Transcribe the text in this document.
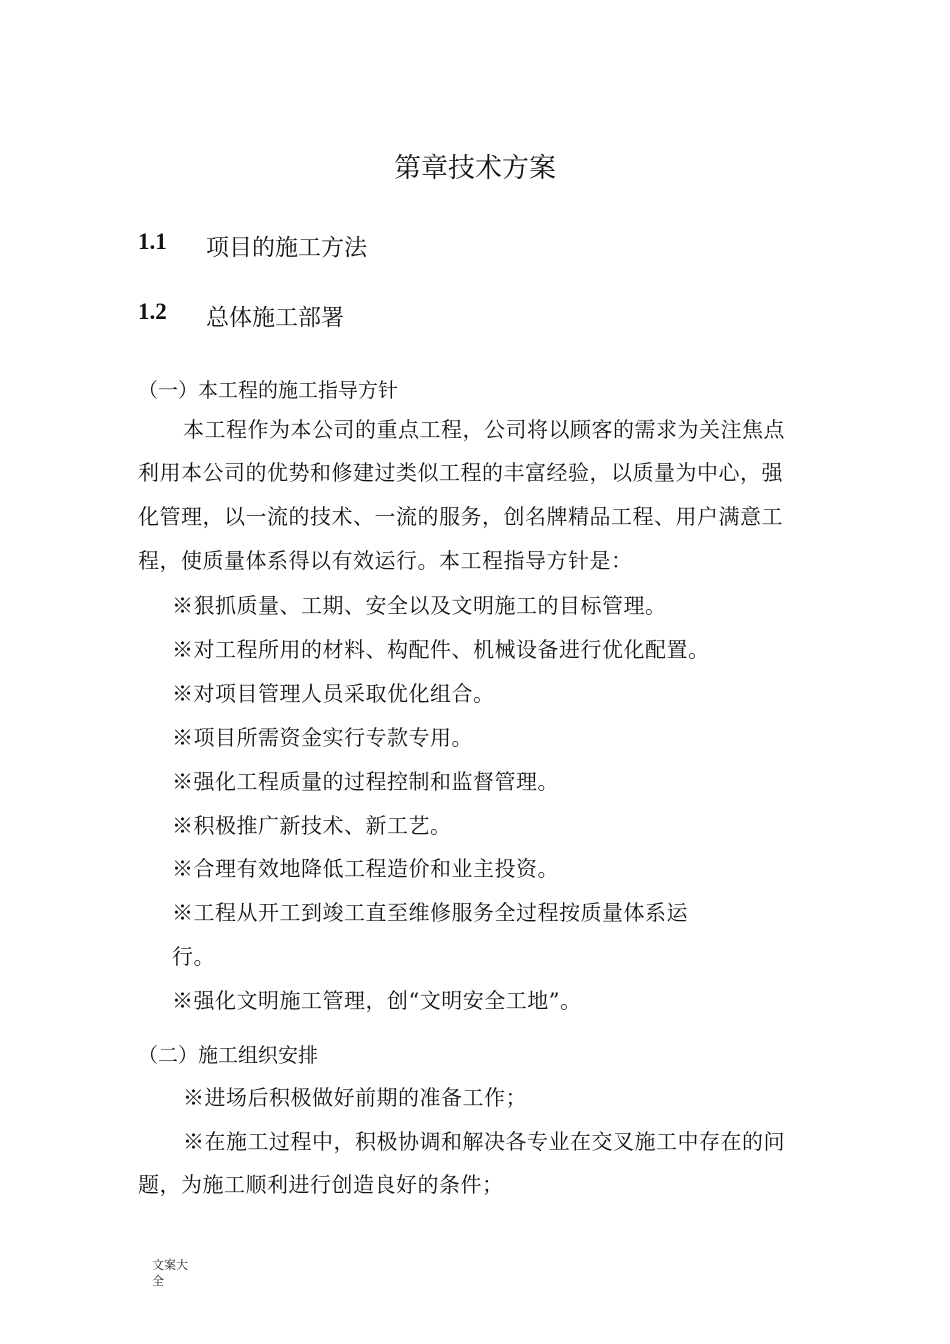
第章技术方案
1.1 项目的施工方法
1.2 总体施工部署
（一）本工程的施工指导方针
本工程作为本公司的重点工程，公司将以顾客的需求为关注焦点
利用本公司的优势和修建过类似工程的丰富经验，以质量为中心，强
化管理，以一流的技术、一流的服务，创名牌精品工程、用户满意工
程，使质量体系得以有效运行。本工程指导方针是：
※狠抓质量、工期、安全以及文明施工的目标管理。
※对工程所用的材料、构配件、机械设备进行优化配置。
※对项目管理人员采取优化组合。
※项目所需资金实行专款专用。
※强化工程质量的过程控制和监督管理。
※积极推广新技术、新工艺。
※合理有效地降低工程造价和业主投资。
※工程从开工到竣工直至维修服务全过程按质量体系运
行。
※强化文明施工管理，创“文明安全工地”。
（二）施工组织安排
※进场后积极做好前期的准备工作；
※在施工过程中，积极协调和解决各专业在交叉施工中存在的问
题，为施工顺利进行创造良好的条件；
文案大全
